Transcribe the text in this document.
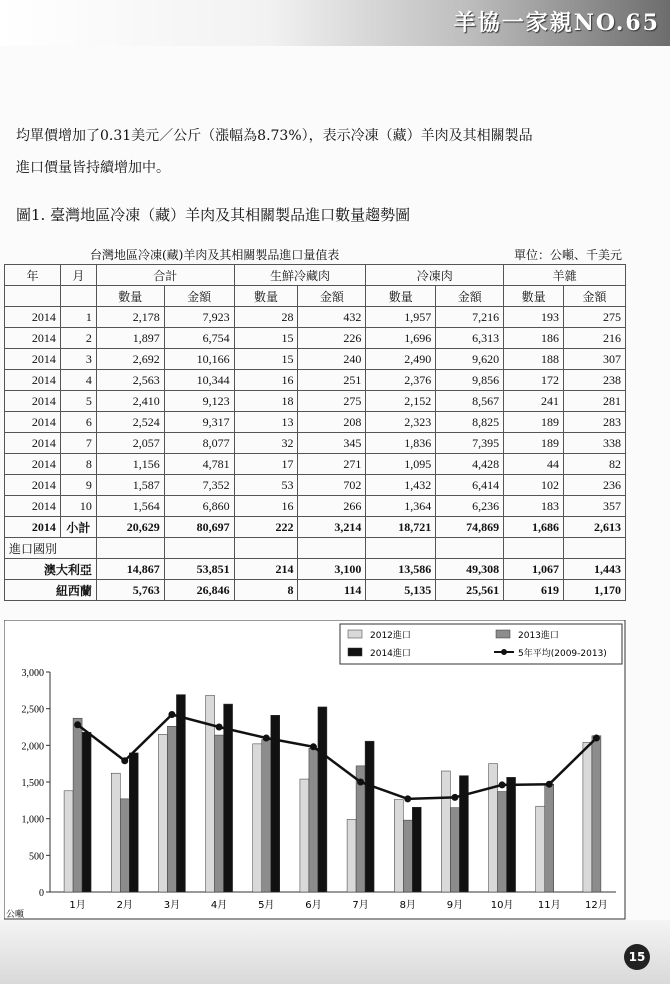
羊協一家親NO.65
均單價增加了0.31美元／公斤（漲幅為8.73%），表示冷凍（藏）羊肉及其相關製品
進口價量皆持續增加中。
圖1. 臺灣地區冷凍（藏）羊肉及其相關製品進口數量趨勢圖
台灣地區冷凍(藏)羊肉及其相關製品進口量值表	單位：公噸、千美元
年	月	合計		生鮮冷藏肉		冷凍肉		羊雜	
		數量	金額	數量	金額	數量	金額	數量	金額
2014	1	2,178	7,923	28	432	1,957	7,216	193	275
2014	2	1,897	6,754	15	226	1,696	6,313	186	216
2014	3	2,692	10,166	15	240	2,490	9,620	188	307
2014	4	2,563	10,344	16	251	2,376	9,856	172	238
2014	5	2,410	9,123	18	275	2,152	8,567	241	281
2014	6	2,524	9,317	13	208	2,323	8,825	189	283
2014	7	2,057	8,077	32	345	1,836	7,395	189	338
2014	8	1,156	4,781	17	271	1,095	4,428	44	82
2014	9	1,587	7,352	53	702	1,432	6,414	102	236
2014	10	1,564	6,860	16	266	1,364	6,236	183	357
2014	小計	20,629	80,697	222	3,214	18,721	74,869	1,686	2,613
進口國別									
澳大利亞		14,867	53,851	214	3,100	13,586	49,308	1,067	1,443
紐西蘭		5,763	26,846	8	114	5,135	25,561	619	1,170
0
500
1,000
1,500
2,000
2,500
3,000
公噸
1月	2月	3月	4月	5月	6月	7月	8月	9月	10月 11月 12月
2012進口	2013進口
2014進口	5年平均(2009-2013)
15
